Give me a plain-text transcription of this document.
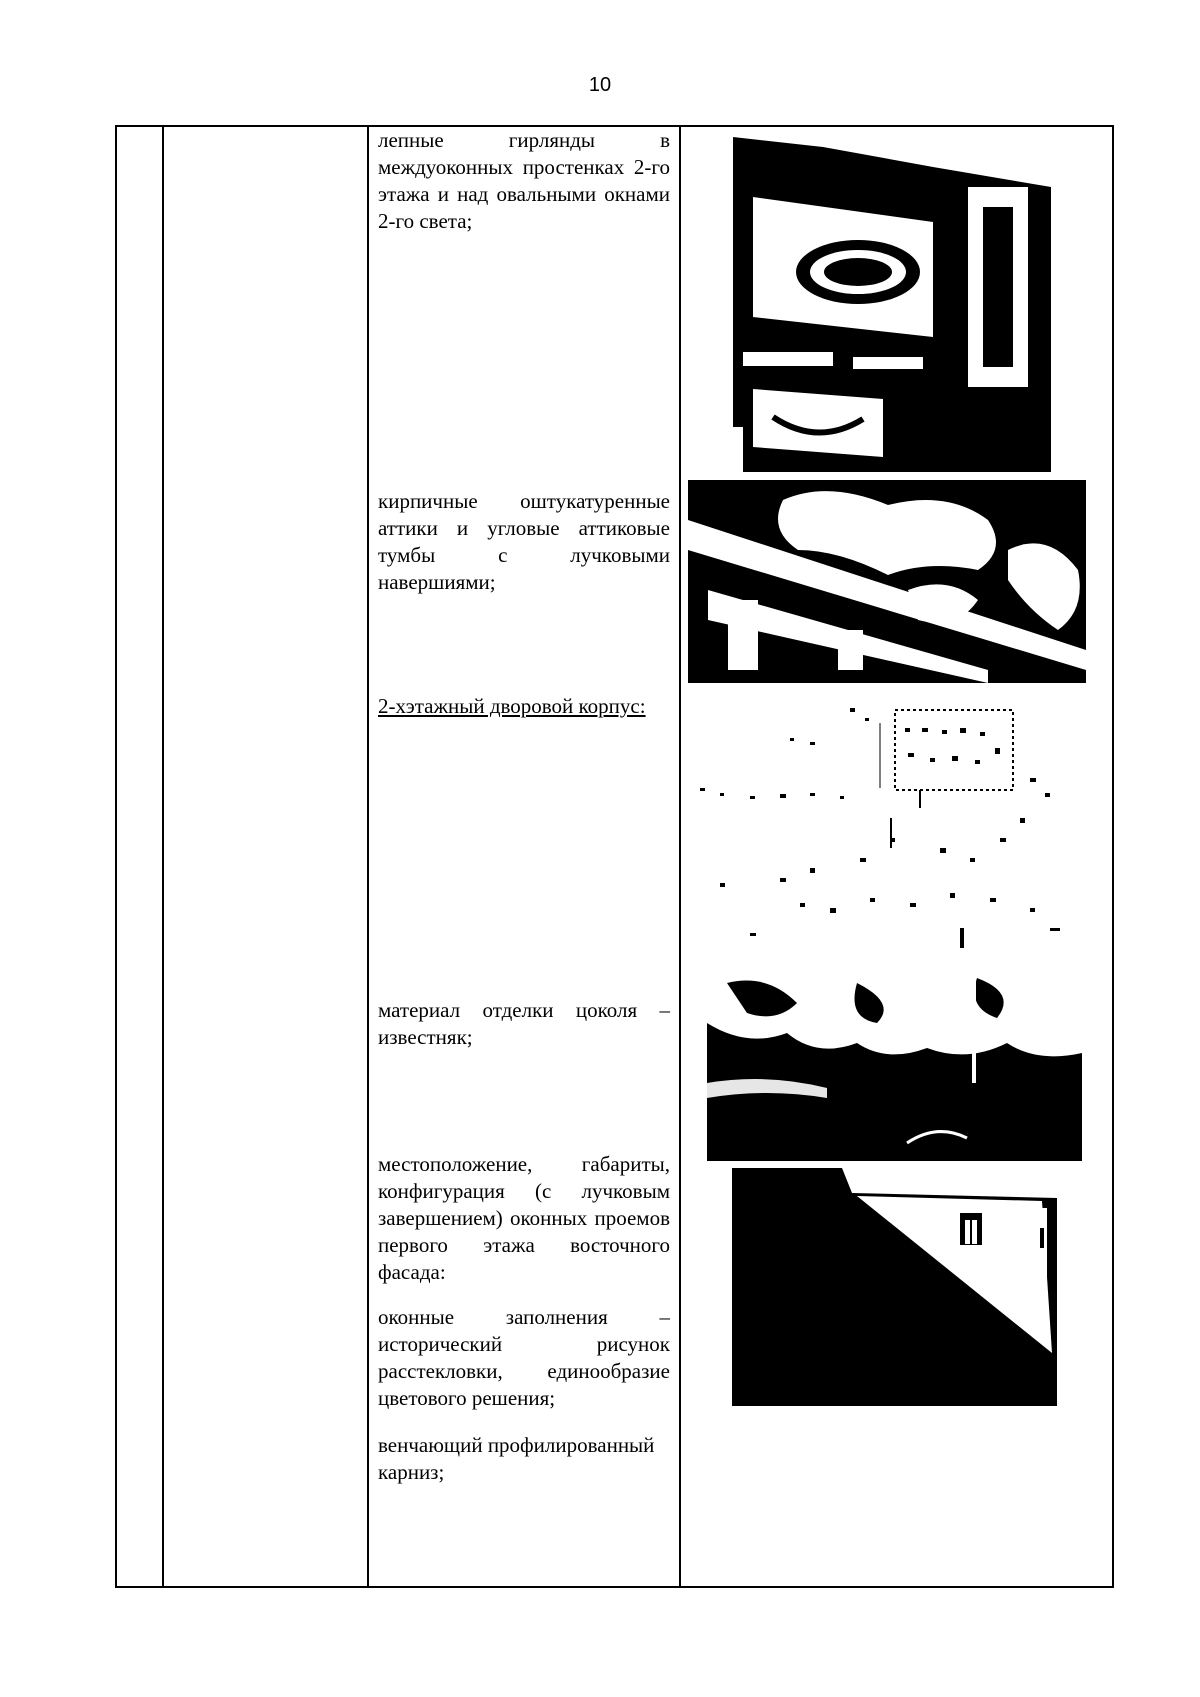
10
лепные гирлянды в междуоконных простенках 2-го этажа и над овальными окнами 2-го света;
кирпичные оштукатуренные аттики и угловые аттиковые тумбы с лучковыми навершиями;
2-хэтажный дворовой корпус:
материал отделки цоколя – известняк;
местоположение, габариты, конфигурация (с лучковым завершением) оконных проемов первого этажа восточного фасада:
оконные заполнения – исторический рисунок расстекловки, единообразие цветового решения;
венчающий профилированный карниз;
